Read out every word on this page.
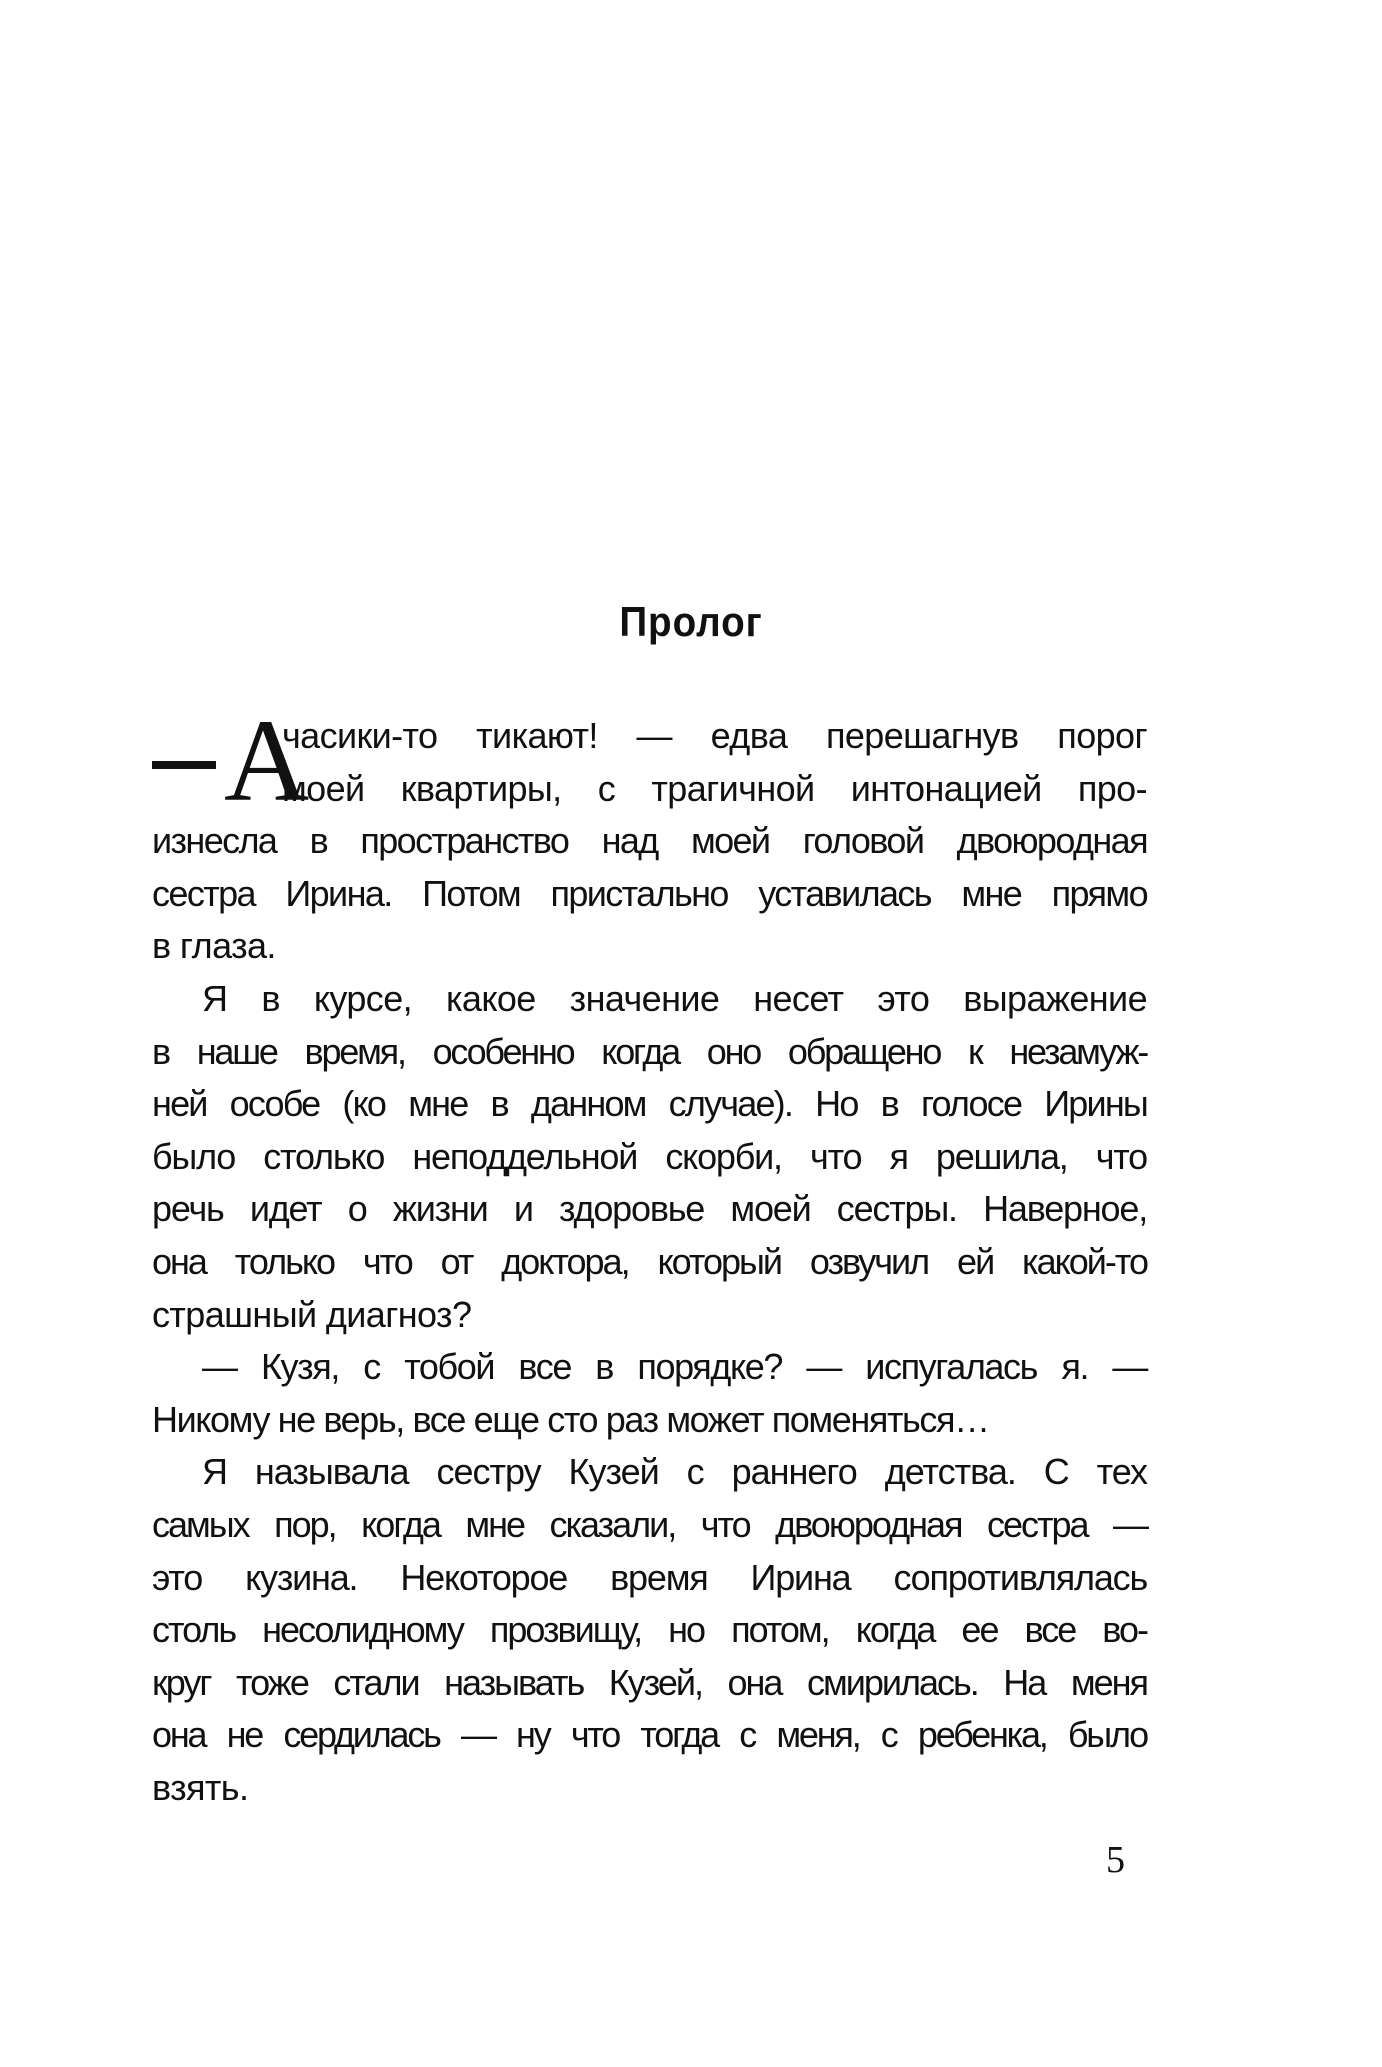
Пролог
А
часики-то тикают! — едва перешагнув порог
моей квартиры, с трагичной интонацией про-
изнесла в пространство над моей головой двоюродная
сестра Ирина. Потом пристально уставилась мне прямо
в глаза.
Я в курсе, какое значение несет это выражение
в наше время, особенно когда оно обращено к незамуж-
ней особе (ко мне в данном случае). Но в голосе Ирины
было столько неподдельной скорби, что я решила, что
речь идет о жизни и здоровье моей сестры. Наверное,
она только что от доктора, который озвучил ей какой-то
страшный диагноз?
— Кузя, с тобой все в порядке? — испугалась я. —
Никому не верь, все еще сто раз может поменяться…
Я называла сестру Кузей с раннего детства. С тех
самых пор, когда мне сказали, что двоюродная сестра —
это кузина. Некоторое время Ирина сопротивлялась
столь несолидному прозвищу, но потом, когда ее все во-
круг тоже стали называть Кузей, она смирилась. На меня
она не сердилась — ну что тогда с меня, с ребенка, было
взять.
5
